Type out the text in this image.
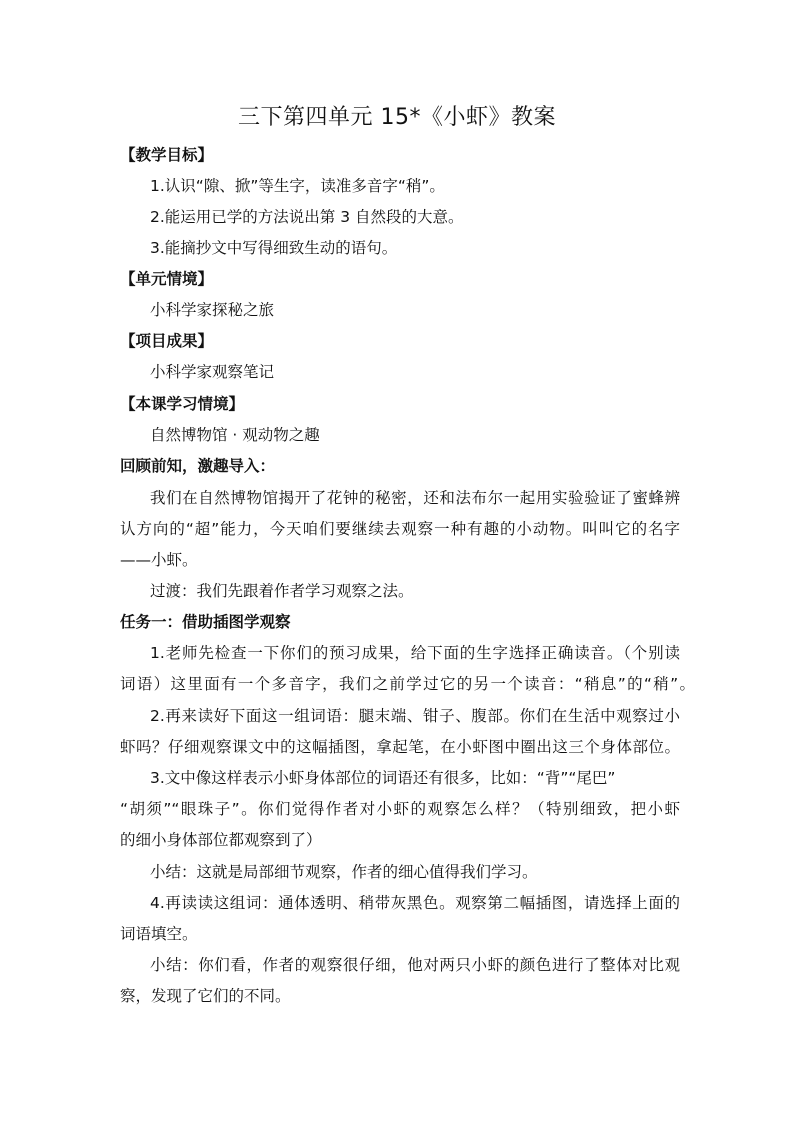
三下第四单元 15*《小虾》教案
【教学目标】
1.认识“隙、掀”等生字，读准多音字“稍”。
2.能运用已学的方法说出第 3 自然段的大意。
3.能摘抄文中写得细致生动的语句。
【单元情境】
小科学家探秘之旅
【项目成果】
小科学家观察笔记
【本课学习情境】
自然博物馆 · 观动物之趣
回顾前知，激趣导入：
我们在自然博物馆揭开了花钟的秘密，还和法布尔一起用实验验证了蜜蜂辨
认方向的“超”能力，今天咱们要继续去观察一种有趣的小动物。叫叫它的名字
——小虾。
过渡：我们先跟着作者学习观察之法。
任务一：借助插图学观察
1.老师先检查一下你们的预习成果，给下面的生字选择正确读音。（个别读
词语）这里面有一个多音字，我们之前学过它的另一个读音：“稍息”的“稍”。
2.再来读好下面这一组词语：腿末端、钳子、腹部。你们在生活中观察过小
虾吗？仔细观察课文中的这幅插图，拿起笔，在小虾图中圈出这三个身体部位。
3.文中像这样表示小虾身体部位的词语还有很多，比如：“背”“尾巴”
“胡须”“眼珠子”。你们觉得作者对小虾的观察怎么样？（特别细致，把小虾
的细小身体部位都观察到了）
小结：这就是局部细节观察，作者的细心值得我们学习。
4.再读读这组词：通体透明、稍带灰黑色。观察第二幅插图，请选择上面的
词语填空。
小结：你们看，作者的观察很仔细，他对两只小虾的颜色进行了整体对比观
察，发现了它们的不同。
